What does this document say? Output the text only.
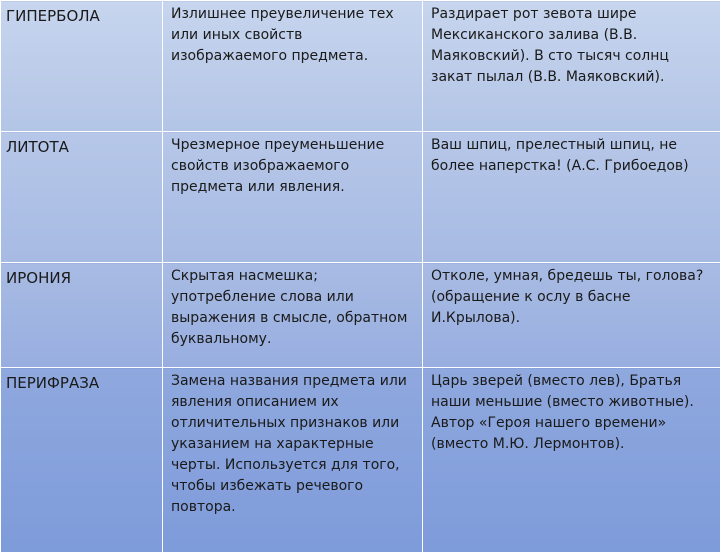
ГИПЕРБОЛА	Излишнее преувеличение тех или иных свойств изображаемого предмета.	Раздирает рот зевота шире Мексиканского залива (В.В. Маяковский). В сто тысяч солнц закат пылал (В.В. Маяковский).
ЛИТОТА	Чрезмерное преуменьшение свойств изображаемого предмета или явления.	Ваш шпиц, прелестный шпиц, не более наперстка! (А.С. Грибоедов)
ИРОНИЯ	Скрытая насмешка; употребление слова или выражения в смысле, обратном буквальному.	Отколе, умная, бредешь ты, голова? (обращение к ослу в басне И.Крылова).
ПЕРИФРАЗА	Замена названия предмета или явления описанием их отличительных признаков или указанием на характерные черты. Используется для того, чтобы избежать речевого повтора.	Царь зверей (вместо лев), Братья наши меньшие (вместо животные). Автор «Героя нашего времени» (вместо М.Ю. Лермонтов).
